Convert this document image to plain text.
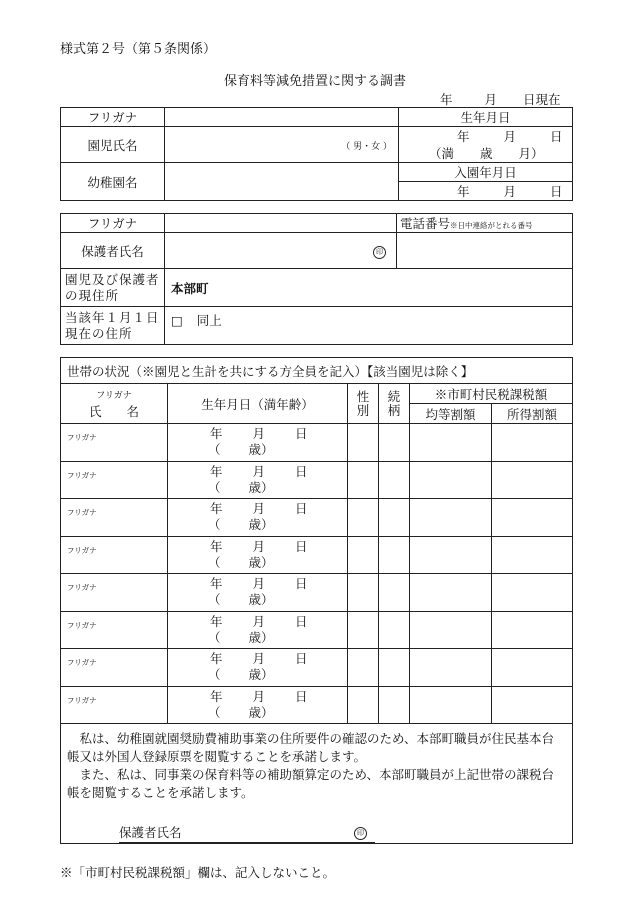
様式第２号（第５条関係）
保育料等減免措置に関する調書
年	月 日現在
フリガナ		生年月日
園児氏名	（ 男・女 ）	年 月 日
（満 歳 月）

幼稚園名		入園年月日
		年 月 日
フリガナ		電話番号※日中連絡がとれる番号
保護者氏名	印	
園児及び保護者の現住所	本部町	
当該年１月１日現在の住所	□ 同上	
世帯の状況（※園児と生計を共にする方全員を記入）【該当園児は除く】					

フリガナ
氏　　名	生年月日（満年齢）	性別	続柄	※市町村民税課税額	
				均等割額	所得割額
フリガナ	年 月 日
（ 歳）				

フリガナ	年 月 日
（ 歳）				

フリガナ	年 月 日
（ 歳）				

フリガナ	年 月 日
（ 歳）				

フリガナ	年 月 日
（ 歳）				

フリガナ	年 月 日
（ 歳）				

フリガナ	年 月 日
（ 歳）				

フリガナ	年 月 日
（ 歳）				

私は、幼稚園就園奨励費補助事業の住所要件の確認のため、本部町職員が住民基本台帳又は外国人登録原票を閲覧することを承諾します。
また、私は、同事業の保育料等の補助額算定のため、本部町職員が上記世帯の課税台帳を閲覧することを承諾します。
保護者氏名 印					
※「市町村民税課税額」欄は、記入しないこと。
